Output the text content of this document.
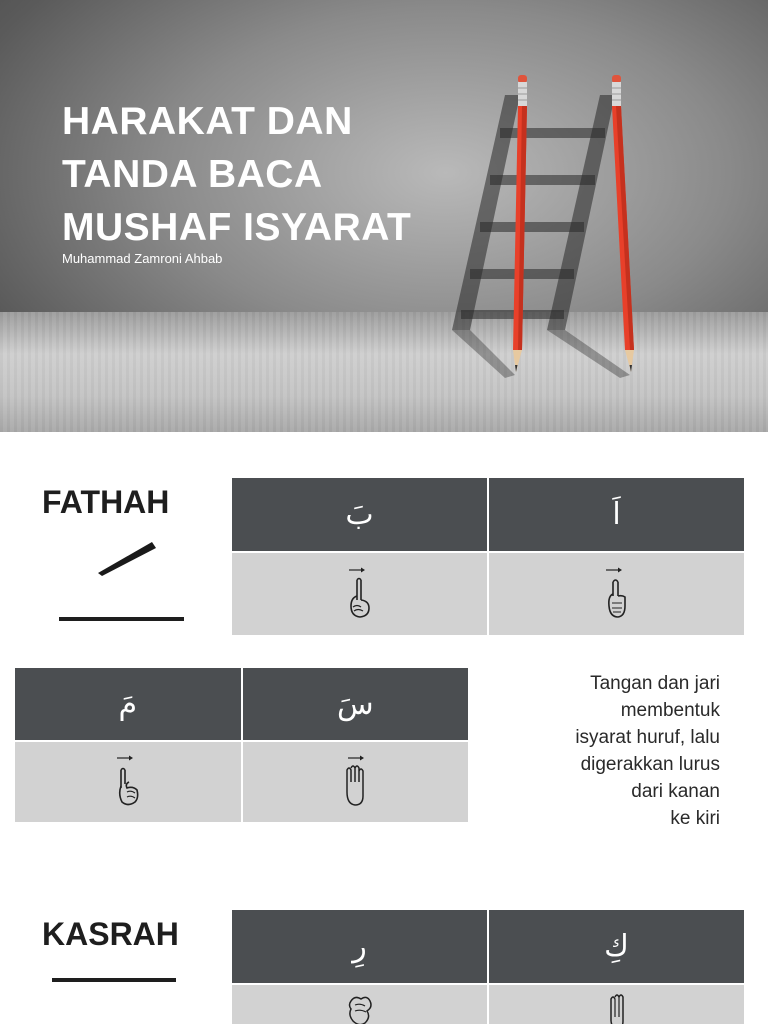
HARAKAT DAN
TANDA BACA
MUSHAF ISYARAT
Muhammad Zamroni Ahbab
FATHAH	بَ	اَ
مَ	سَ
Tangan dan jari
membentuk
isyarat huruf, lalu
digerakkan lurus
dari kanan
ke kiri
KASRAH	رِ	كِ
